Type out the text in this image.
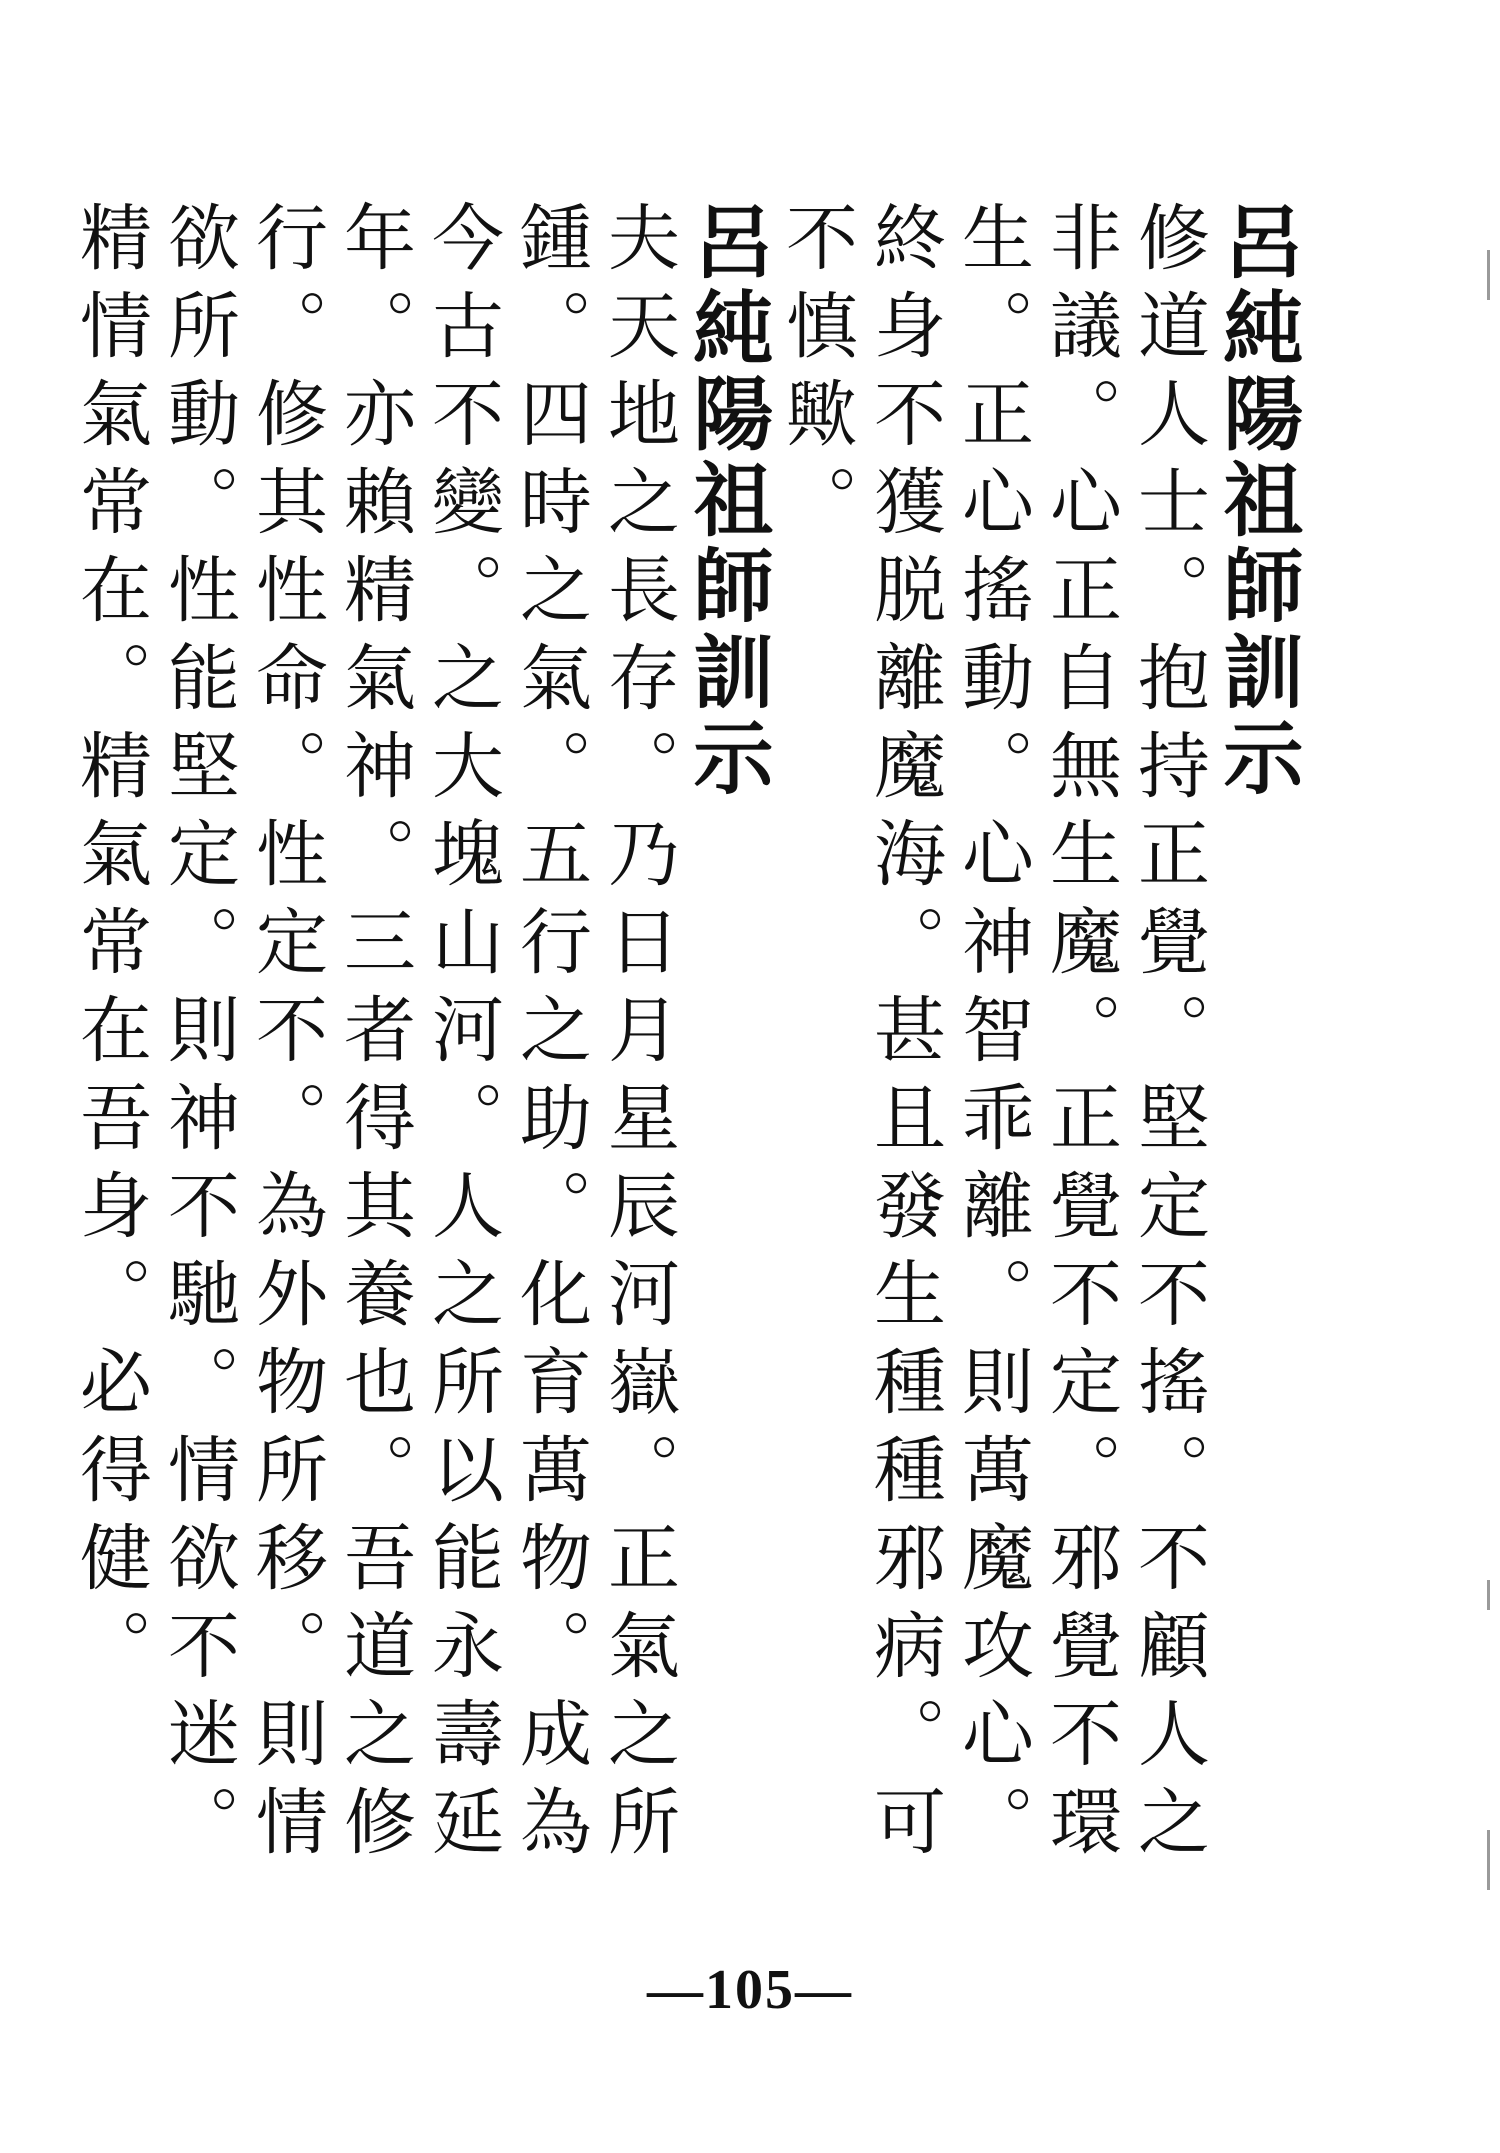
呂純陽祖師訓示

夫天地之長存。乃日月星辰河嶽。正氣之所鍾。四時之氣。五行之助。化育萬物。成為今古不變。之大塊山河。人之所以能永壽延年。亦賴精氣神。三者得其養也。吾道之修行。修其性命。性定不。為外物所移。則情欲所動。性能堅定。則神不馳。情欲不迷。精情氣常在。精氣常在吾身。必得健。	呂純陽祖師訓示

修道人士。抱持正覺。堅定不搖。不顧人之非議。心正自無生魔。正覺不定。邪覺不環生。正心搖動。心神智乖離。則萬魔攻心。終身不獲脱離魔海。甚且發生種種邪病。可不慎歟。

—105—
